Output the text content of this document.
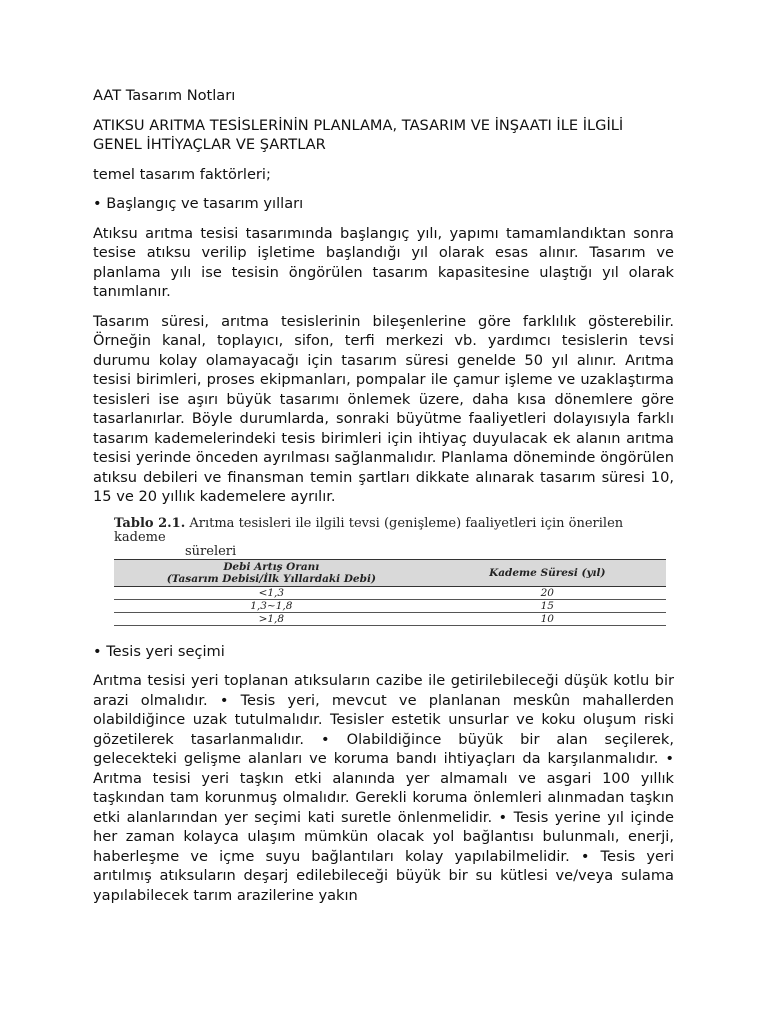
AAT Tasarım Notları

ATIKSU ARITMA TESİSLERİNİN PLANLAMA, TASARIM VE İNŞAATI İLE İLGİLİ GENEL İHTİYAÇLAR VE ŞARTLAR

temel tasarım faktörleri;

• Başlangıç ve tasarım yılları

Atıksu arıtma tesisi tasarımında başlangıç yılı, yapımı tamamlandıktan sonra tesise atıksu verilip işletime başlandığı yıl olarak esas alınır. Tasarım ve planlama yılı ise tesisin öngörülen tasarım kapasitesine ulaştığı yıl olarak tanımlanır.

Tasarım süresi, arıtma tesislerinin bileşenlerine göre farklılık gösterebilir. Örneğin kanal, toplayıcı, sifon, terfi merkezi vb. yardımcı tesislerin tevsi durumu kolay olamayacağı için tasarım süresi genelde 50 yıl alınır. Arıtma tesisi birimleri, proses ekipmanları, pompalar ile çamur işleme ve uzaklaştırma tesisleri ise aşırı büyük tasarımı önlemek üzere, daha kısa dönemlere göre tasarlanırlar. Böyle durumlarda, sonraki büyütme faaliyetleri dolayısıyla farklı tasarım kademelerindeki tesis birimleri için ihtiyaç duyulacak ek alanın arıtma tesisi yerinde önceden ayrılması sağlanmalıdır. Planlama döneminde öngörülen atıksu debileri ve finansman temin şartları dikkate alınarak tasarım süresi 10, 15 ve 20 yıllık kademelere ayrılır.

Tablo 2.1. Arıtma tesisleri ile ilgili tevsi (genişleme) faaliyetleri için önerilen kademe
süreleri
Debi Artış Oranı
(Tasarım Debisi/İlk Yıllardaki Debi)	Kademe Süresi (yıl)
<1,3	20
1,3~1,8	15
>1,8	10

• Tesis yeri seçimi

Arıtma tesisi yeri toplanan atıksuların cazibe ile getirilebileceği düşük kotlu bir arazi olmalıdır. • Tesis yeri, mevcut ve planlanan meskûn mahallerden olabildiğince uzak tutulmalıdır. Tesisler estetik unsurlar ve koku oluşum riski gözetilerek tasarlanmalıdır. • Olabildiğince büyük bir alan seçilerek, gelecekteki gelişme alanları ve koruma bandı ihtiyaçları da karşılanmalıdır. • Arıtma tesisi yeri taşkın etki alanında yer almamalı ve asgari 100 yıllık taşkından tam korunmuş olmalıdır. Gerekli koruma önlemleri alınmadan taşkın etki alanlarından yer seçimi kati suretle önlenmelidir. • Tesis yerine yıl içinde her zaman kolayca ulaşım mümkün olacak yol bağlantısı bulunmalı, enerji, haberleşme ve içme suyu bağlantıları kolay yapılabilmelidir. • Tesis yeri arıtılmış atıksuların deşarj edilebileceği büyük bir su kütlesi ve/veya sulama yapılabilecek tarım arazilerine yakın
